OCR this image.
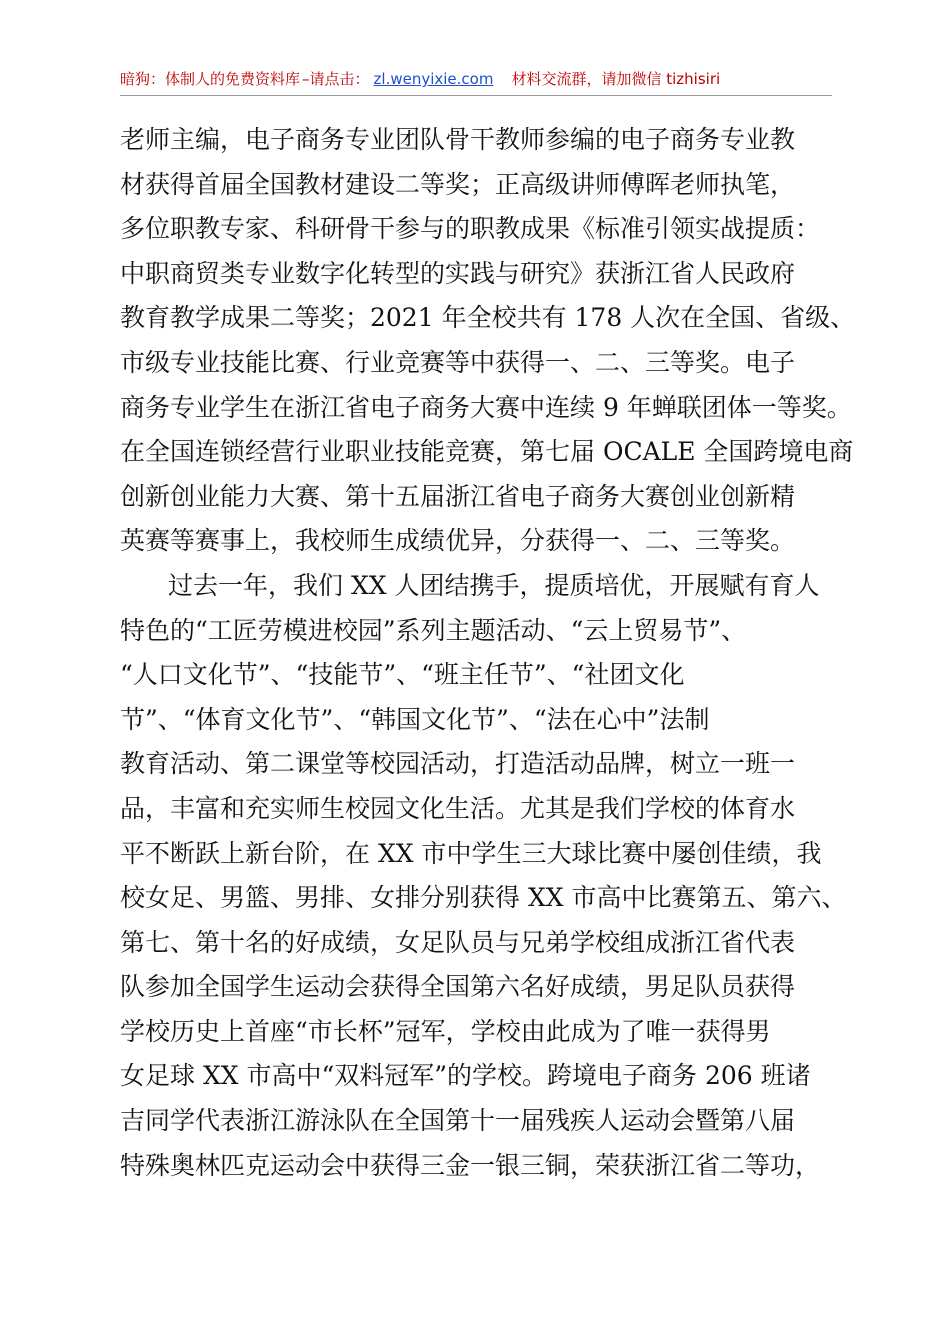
暗狗：体制人的免费资料库 –请点击： zl.wenyixie.com 材料交流群，请加微信 tizhisiri
老师主编，电子商务专业团队骨干教师参编的电子商务专业教
材获得首届全国教材建设二等奖；正高级讲师傅晖老师执笔，
多位职教专家、科研骨干参与的职教成果《标准引领实战提质：
中职商贸类专业数字化转型的实践与研究》获浙江省人民政府
教育教学成果二等奖；2021 年全校共有 178 人次在全国、省级、
市级专业技能比赛、行业竞赛等中获得一、二、三等奖。电子
商务专业学生在浙江省电子商务大赛中连续 9 年蝉联团体一等奖。
在全国连锁经营行业职业技能竞赛，第七届 OCALE 全国跨境电商
创新创业能力大赛、第十五届浙江省电子商务大赛创业创新精
英赛等赛事上，我校师生成绩优异，分获得一、二、三等奖。
过去一年，我们 XX 人团结携手，提质培优，开展赋有育人
特色的“工匠劳模进校园”系列主题活动、“云上贸易节”、
“人口文化节”、“技能节”、“班主任节”、“社团文化
节”、“体育文化节”、“韩国文化节”、“法在心中”法制
教育活动、第二课堂等校园活动，打造活动品牌，树立一班一
品，丰富和充实师生校园文化生活。尤其是我们学校的体育水
平不断跃上新台阶，在 XX 市中学生三大球比赛中屡创佳绩，我
校女足、男篮、男排、女排分别获得 XX 市高中比赛第五、第六、
第七、第十名的好成绩，女足队员与兄弟学校组成浙江省代表
队参加全国学生运动会获得全国第六名好成绩，男足队员获得
学校历史上首座“市长杯”冠军，学校由此成为了唯一获得男
女足球 XX 市高中“双料冠军”的学校。跨境电子商务 206 班诸
吉同学代表浙江游泳队在全国第十一届残疾人运动会暨第八届
特殊奥林匹克运动会中获得三金一银三铜，荣获浙江省二等功，
